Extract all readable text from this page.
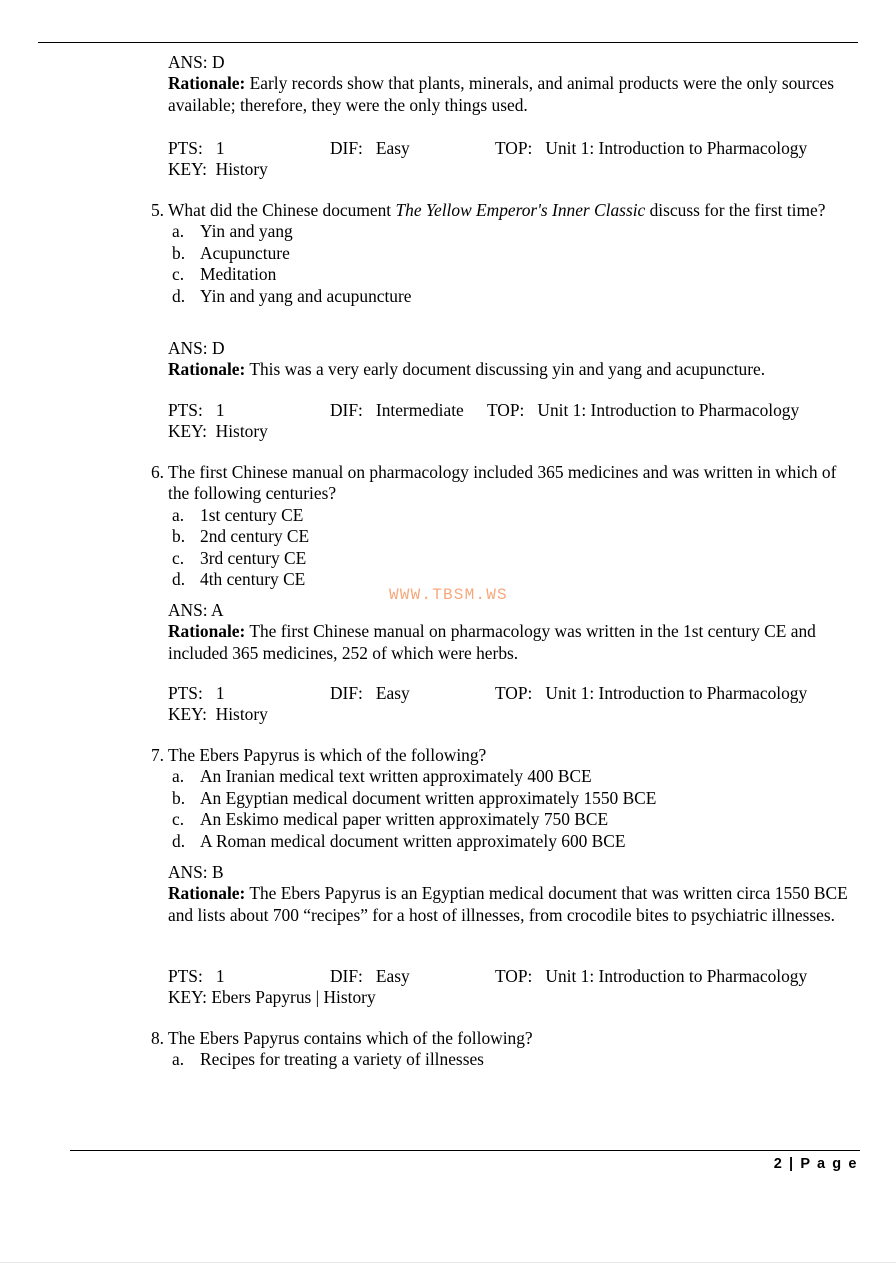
ANS: D
Rationale: Early records show that plants, minerals, and animal products were the only sources available; therefore, they were the only things used.
PTS:   1	DIF:   Easy	TOP:   Unit 1: Introduction to Pharmacology
KEY:  History
5. What did the Chinese document The Yellow Emperor's Inner Classic discuss for the first time?
a. Yin and yang
b. Acupuncture
c. Meditation
d. Yin and yang and acupuncture
ANS: D
Rationale: This was a very early document discussing yin and yang and acupuncture.
PTS:   1	DIF:   Intermediate TOP:   Unit 1: Introduction to Pharmacology
KEY:  History
6. The first Chinese manual on pharmacology included 365 medicines and was written in which of the following centuries?
a. 1st century CE
b. 2nd century CE
c. 3rd century CE
d. 4th century CE
WWW.TBSM.WS
ANS: A
Rationale: The first Chinese manual on pharmacology was written in the 1st century CE and included 365 medicines, 252 of which were herbs.
PTS:   1	DIF:   Easy	TOP:   Unit 1: Introduction to Pharmacology
KEY:  History
7. The Ebers Papyrus is which of the following?
a. An Iranian medical text written approximately 400 BCE
b. An Egyptian medical document written approximately 1550 BCE
c. An Eskimo medical paper written approximately 750 BCE
d. A Roman medical document written approximately 600 BCE
ANS: B
Rationale: The Ebers Papyrus is an Egyptian medical document that was written circa 1550 BCE and lists about 700 “recipes” for a host of illnesses, from crocodile bites to psychiatric illnesses.
PTS:   1	DIF:   Easy	TOP:   Unit 1: Introduction to Pharmacology
KEY: Ebers Papyrus | History
8. The Ebers Papyrus contains which of the following?
a. Recipes for treating a variety of illnesses
2 | P a g e
